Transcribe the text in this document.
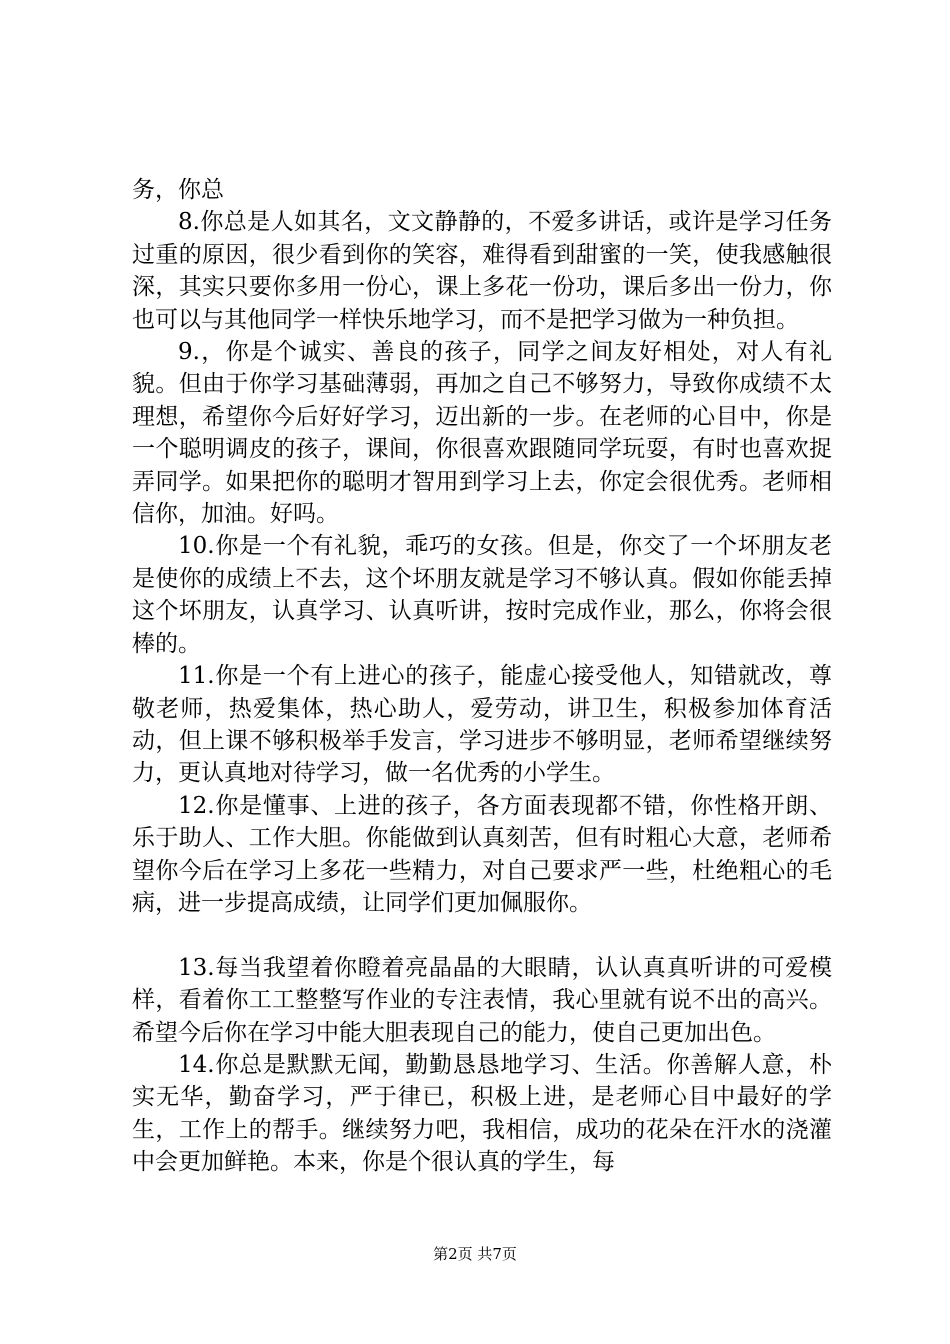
务，你总

8.你总是人如其名，文文静静的，不爱多讲话，或许是学习任务过重的原因，很少看到你的笑容，难得看到甜蜜的一笑，使我感触很深，其实只要你多用一份心，课上多花一份功，课后多出一份力，你也可以与其他同学一样快乐地学习，而不是把学习做为一种负担。

9.，你是个诚实、善良的孩子，同学之间友好相处，对人有礼貌。但由于你学习基础薄弱，再加之自己不够努力，导致你成绩不太理想，希望你今后好好学习，迈出新的一步。在老师的心目中，你是一个聪明调皮的孩子，课间，你很喜欢跟随同学玩耍，有时也喜欢捉弄同学。如果把你的聪明才智用到学习上去，你定会很优秀。老师相信你，加油。好吗。

10.你是一个有礼貌，乖巧的女孩。但是，你交了一个坏朋友老是使你的成绩上不去，这个坏朋友就是学习不够认真。假如你能丢掉这个坏朋友，认真学习、认真听讲，按时完成作业，那么，你将会很棒的。

11.你是一个有上进心的孩子，能虚心接受他人，知错就改，尊敬老师，热爱集体，热心助人，爱劳动，讲卫生，积极参加体育活动，但上课不够积极举手发言，学习进步不够明显，老师希望继续努力，更认真地对待学习，做一名优秀的小学生。

12.你是懂事、上进的孩子，各方面表现都不错，你性格开朗、乐于助人、工作大胆。你能做到认真刻苦，但有时粗心大意，老师希望你今后在学习上多花一些精力，对自己要求严一些，杜绝粗心的毛病，进一步提高成绩，让同学们更加佩服你。

13.每当我望着你瞪着亮晶晶的大眼睛，认认真真听讲的可爱模样，看着你工工整整写作业的专注表情，我心里就有说不出的高兴。希望今后你在学习中能大胆表现自己的能力，使自己更加出色。

14.你总是默默无闻，勤勤恳恳地学习、生活。你善解人意，朴实无华，勤奋学习，严于律已，积极上进，是老师心目中最好的学生，工作上的帮手。继续努力吧，我相信，成功的花朵在汗水的浇灌中会更加鲜艳。本来，你是个很认真的学生，每

第2页 共7页
